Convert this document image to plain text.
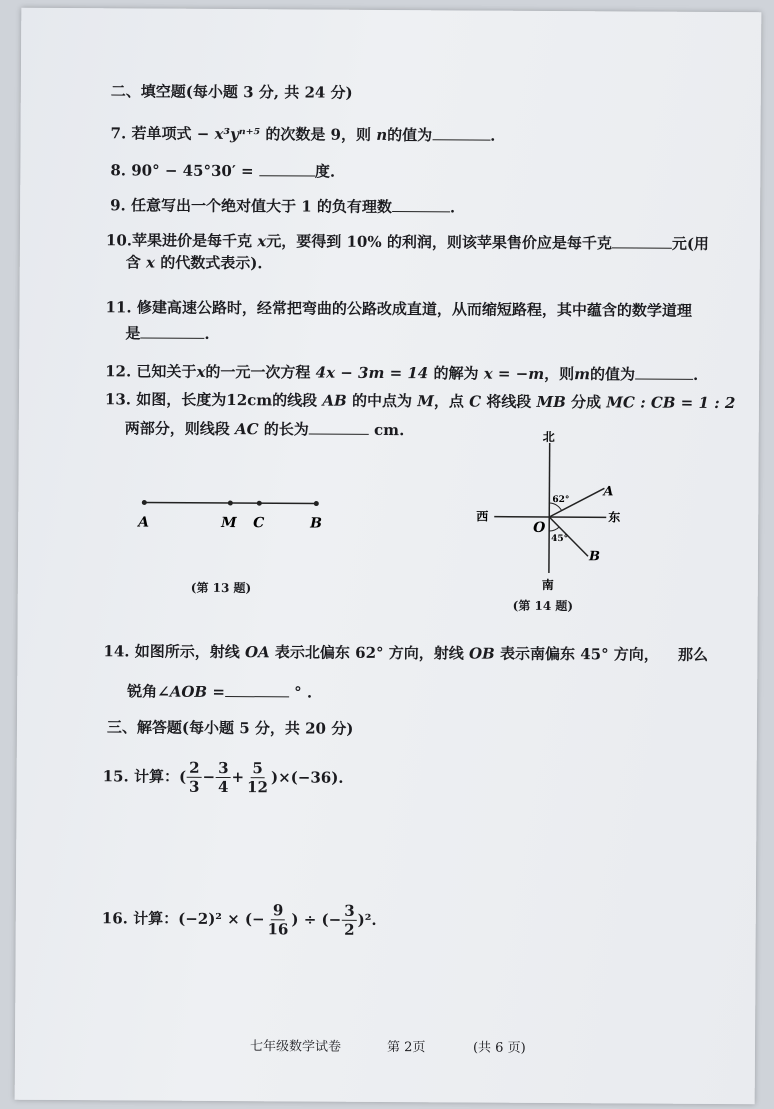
二、填空题(每小题 3 分, 共 24 分)
7. 若单项式 − x³yⁿ⁺⁵ 的次数是 9，则 n的值为	.
8. 90° − 45°30′ =	度.
9. 任意写出一个绝对值大于 1 的负有理数	.
10.苹果进价是每千克 x元，要得到 10% 的利润，则该苹果售价应是每千克	元(用
含 x 的代数式表示).
11. 修建高速公路时，经常把弯曲的公路改成直道，从而缩短路程，其中蕴含的数学道理
是	.
12. 已知关于x的一元一次方程 4x − 3m = 14 的解为 x = −m，则m的值为	.
13. 如图，长度为12cm的线段 AB 的中点为 M，点 C 将线段 MB 分成 MC : CB = 1 : 2
两部分，则线段 AC 的长为	cm.
A	M C	B
(第 13 题)
北
南
西	东
O
A
B
62°
45°
(第 14 题)
14. 如图所示，射线 OA 表示北偏东 62° 方向，射线 OB 表示南偏东 45° 方向， 那么
锐角∠AOB =	° .
三、解答题(每小题 5 分，共 20 分)
15.
计算： ( $\frac{2}{3} - \frac{3}{4} + \frac{5}{12} )\times(-36)$ .
16.
计算： (−2)² × (− $\frac{9}{16}$ ) ÷ (− $\frac{3}{2} )^2$ .
七年级数学试卷	第 2页	(共 6 页)
